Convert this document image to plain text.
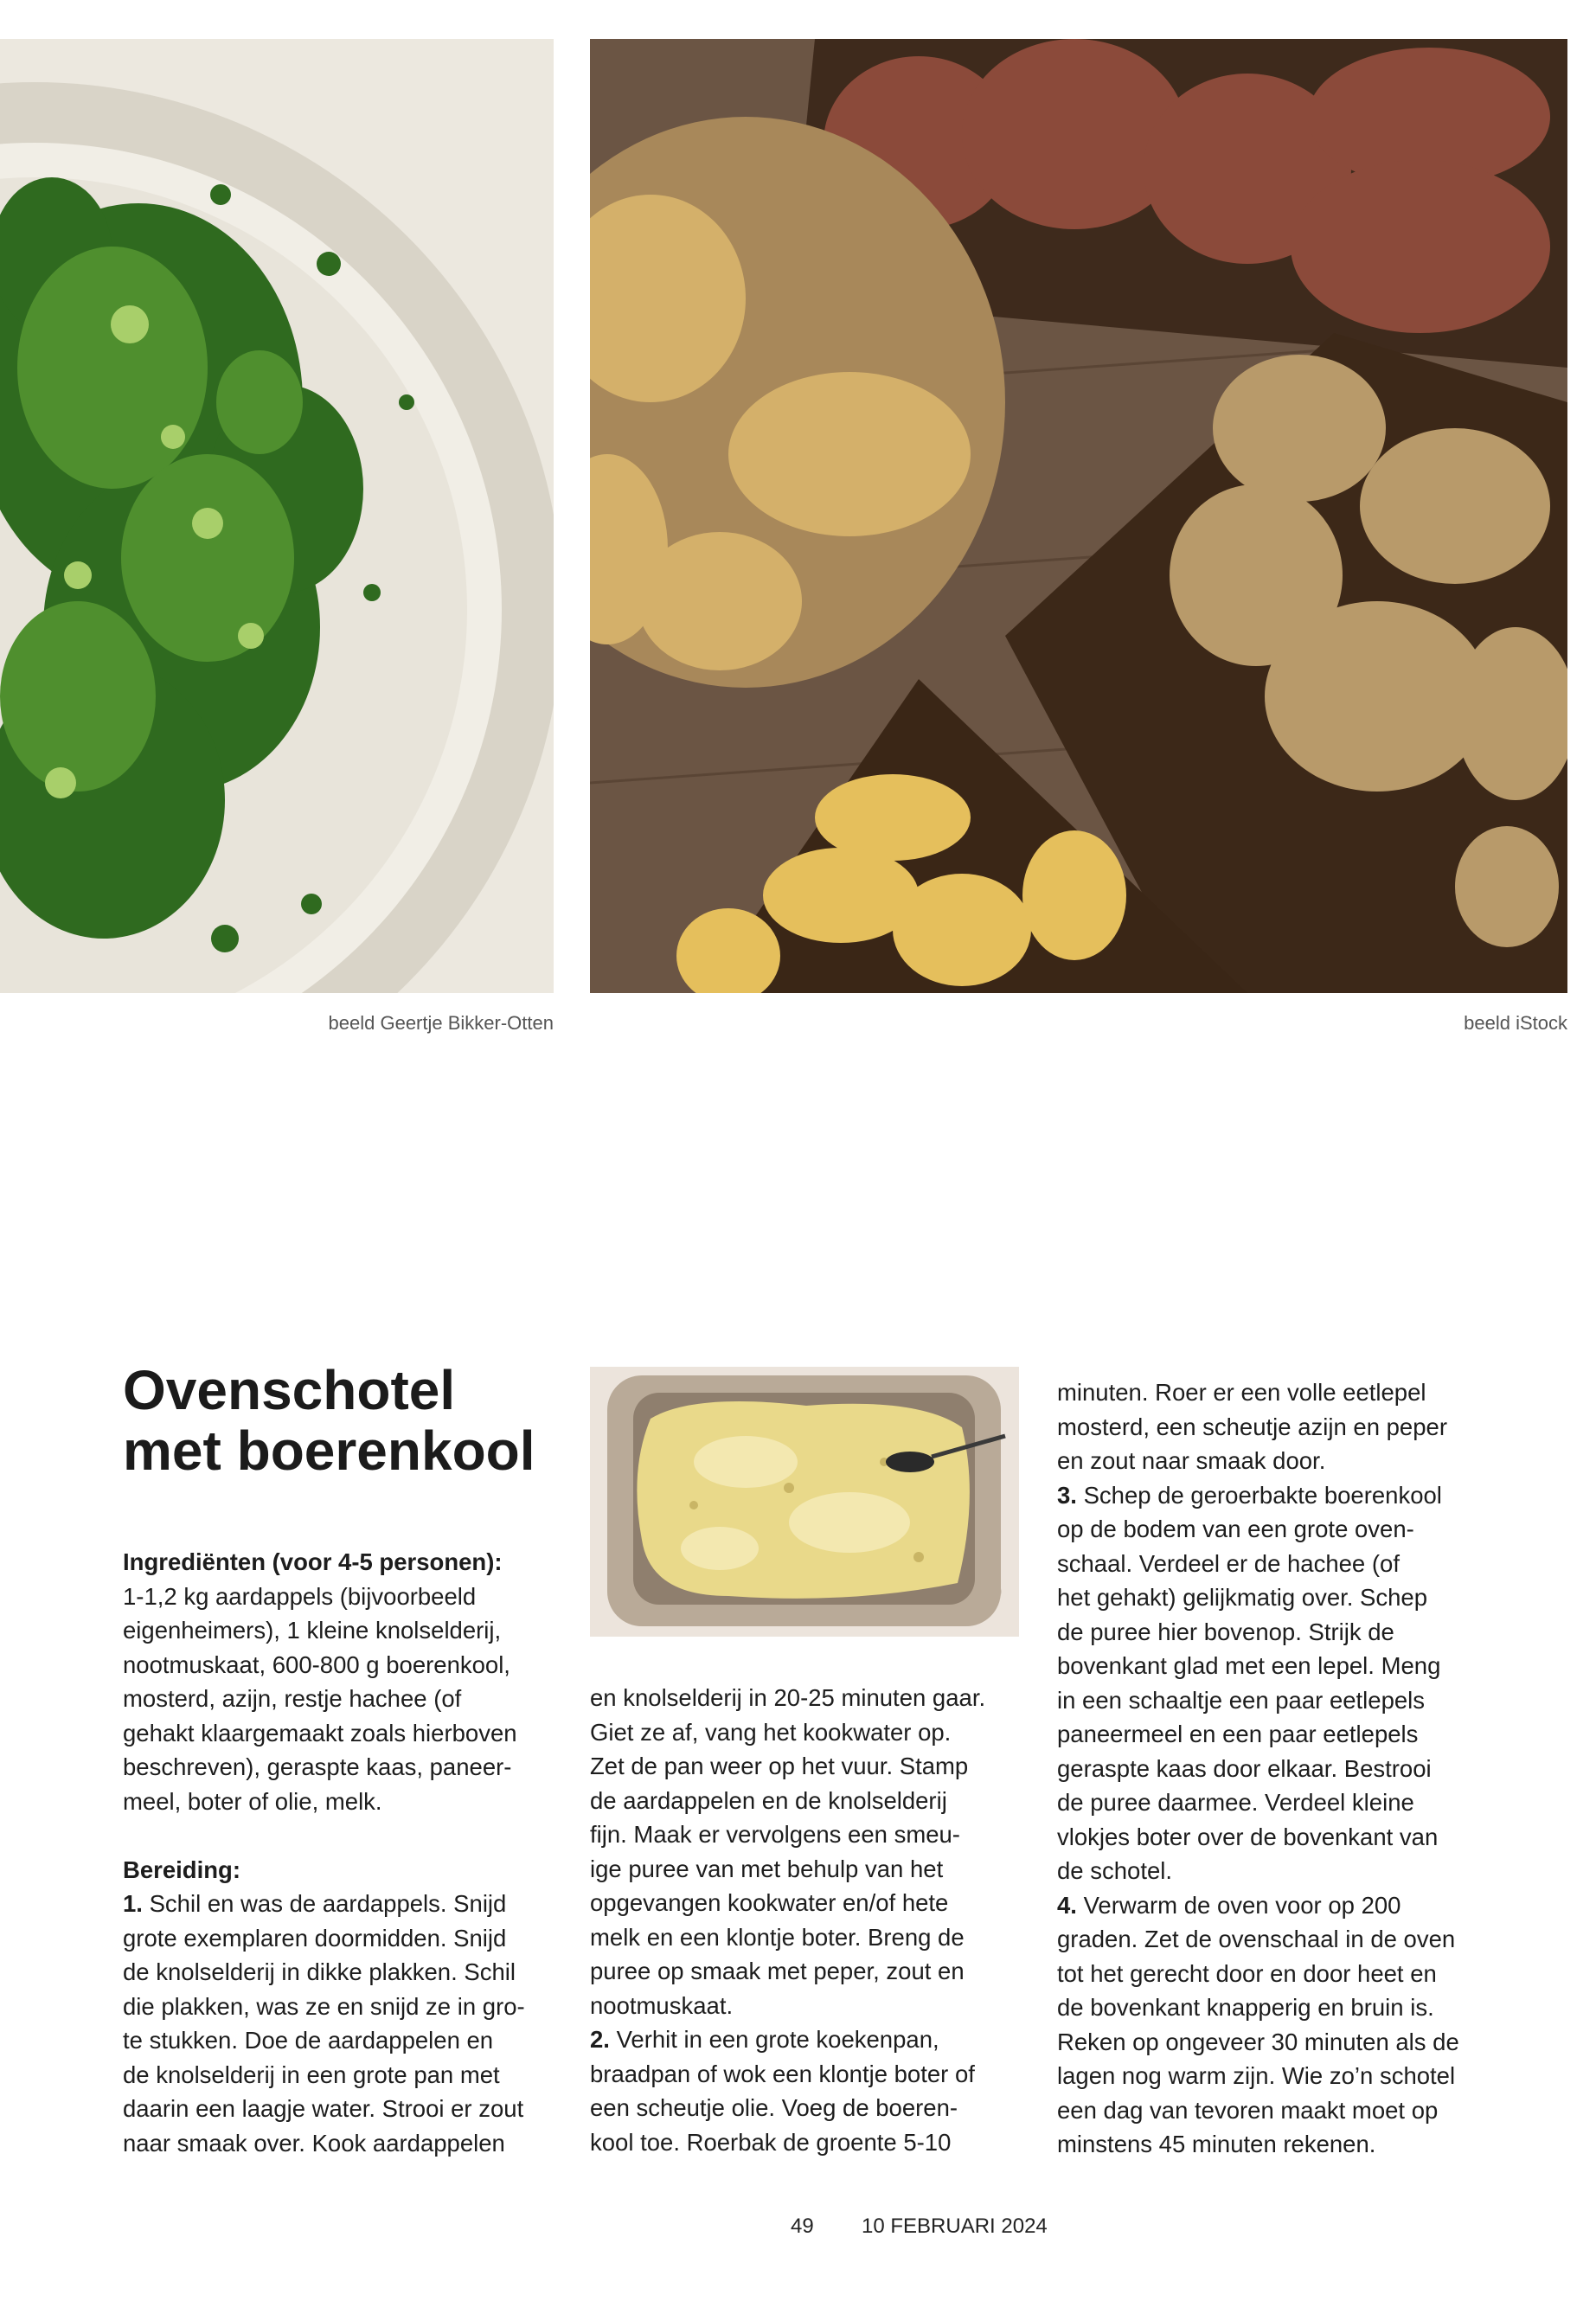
beeld Geertje Bikker-Otten	beeld iStock
Ovenschotel
met boerenkool

Ingrediënten (voor 4-5 personen):

1-1,2 kg aardappels (bijvoorbeeld

eigenheimers), 1 kleine knolselderij,

nootmuskaat, 600-800 g boerenkool,

mosterd, azijn, restje hachee (of

gehakt klaargemaakt zoals hierboven

beschreven), geraspte kaas, paneer-

meel, boter of olie, melk.

Bereiding:

1. Schil en was de aardappels. Snijd

grote exemplaren doormidden. Snijd

de knolselderij in dikke plakken. Schil

die plakken, was ze en snijd ze in gro-

te stukken. Doe de aardappelen en

de knolselderij in een grote pan met

daarin een laagje water. Strooi er zout

naar smaak over. Kook aardappelen

en knolselderij in 20-25 minuten gaar.

Giet ze af, vang het kookwater op.

Zet de pan weer op het vuur. Stamp

de aardappelen en de knolselderij

fijn. Maak er vervolgens een smeu-

ige puree van met behulp van het

opgevangen kookwater en/of hete

melk en een klontje boter. Breng de

puree op smaak met peper, zout en

nootmuskaat.

2. Verhit in een grote koekenpan,

braadpan of wok een klontje boter of

een scheutje olie. Voeg de boeren-

kool toe. Roerbak de groente 5-10

minuten. Roer er een volle eetlepel

mosterd, een scheutje azijn en peper

en zout naar smaak door.

3. Schep de geroerbakte boerenkool

op de bodem van een grote oven-

schaal. Verdeel er de hachee (of

het gehakt) gelijkmatig over. Schep

de puree hier bovenop. Strijk de

bovenkant glad met een lepel. Meng

in een schaaltje een paar eetlepels

paneermeel en een paar eetlepels

geraspte kaas door elkaar. Bestrooi

de puree daarmee. Verdeel kleine

vlokjes boter over de bovenkant van

de schotel.

4. Verwarm de oven voor op 200

graden. Zet de ovenschaal in de oven

tot het gerecht door en door heet en

de bovenkant knapperig en bruin is.

Reken op ongeveer 30 minuten als de

lagen nog warm zijn. Wie zo’n schotel

een dag van tevoren maakt moet op

minstens 45 minuten rekenen.

49 10 FEBRUARI 2024
